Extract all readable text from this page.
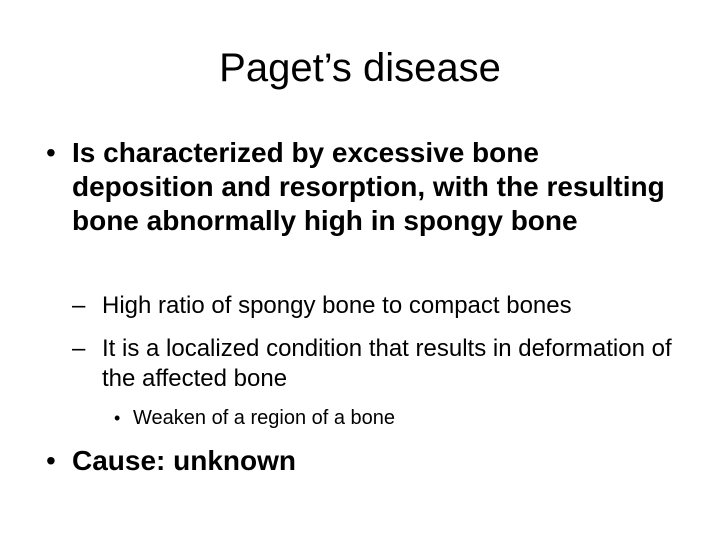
Paget’s disease
• Is characterized by excessive bone deposition and resorption, with the resulting bone abnormally high in spongy bone
– High ratio of spongy bone to compact bones
– It is a localized condition that results in deformation of the affected bone
• Weaken of a region of a bone
• Cause: unknown
